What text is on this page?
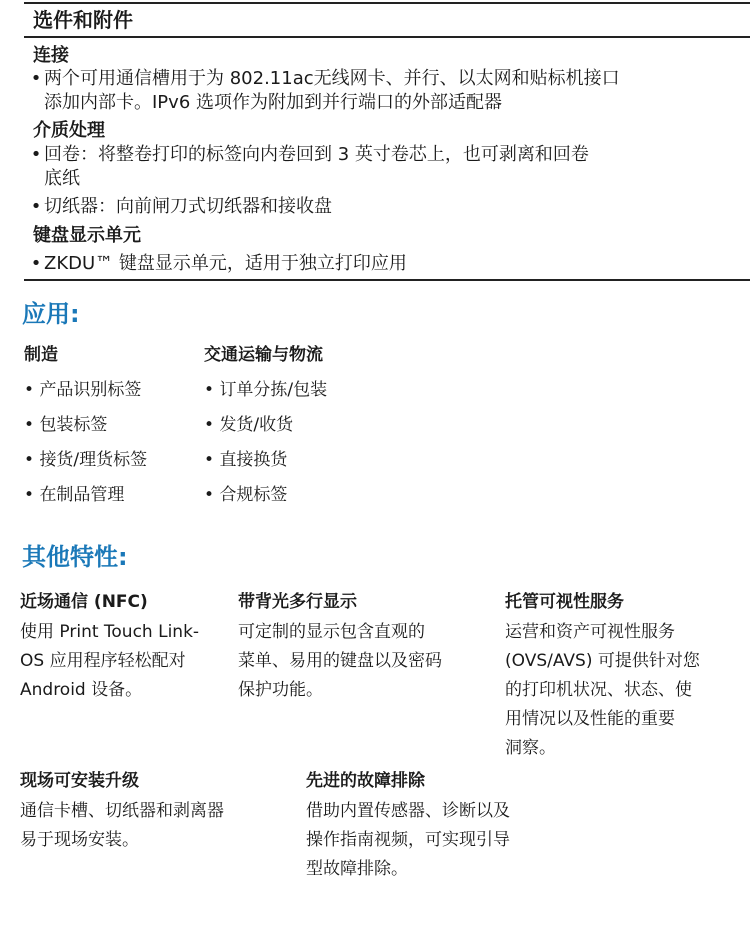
选件和附件
连接
• 两个可用通信槽用于为 802.11ac无线网卡、并行、以太网和贴标机接口
添加内部卡。IPv6 选项作为附加到并行端口的外部适配器
介质处理
• 回卷：将整卷打印的标签向内卷回到 3 英寸卷芯上，也可剥离和回卷
底纸
• 切纸器：向前闸刀式切纸器和接收盘
键盘显示单元
• ZKDU™ 键盘显示单元，适用于独立打印应用
应用:
制造
• 产品识别标签
• 包装标签
• 接货/理货标签
• 在制品管理
交通运输与物流
• 订单分拣/包装
• 发货/收货
• 直接换货
• 合规标签
其他特性:
近场通信 (NFC)
使用 Print Touch Link-
OS 应用程序轻松配对
Android 设备。
带背光多行显示
可定制的显示包含直观的
菜单、易用的键盘以及密码
保护功能。
托管可视性服务
运营和资产可视性服务
(OVS/AVS) 可提供针对您
的打印机状况、状态、使
用情况以及性能的重要
洞察。
现场可安装升级
通信卡槽、切纸器和剥离器
易于现场安装。
先进的故障排除
借助内置传感器、诊断以及
操作指南视频，可实现引导
型故障排除。
